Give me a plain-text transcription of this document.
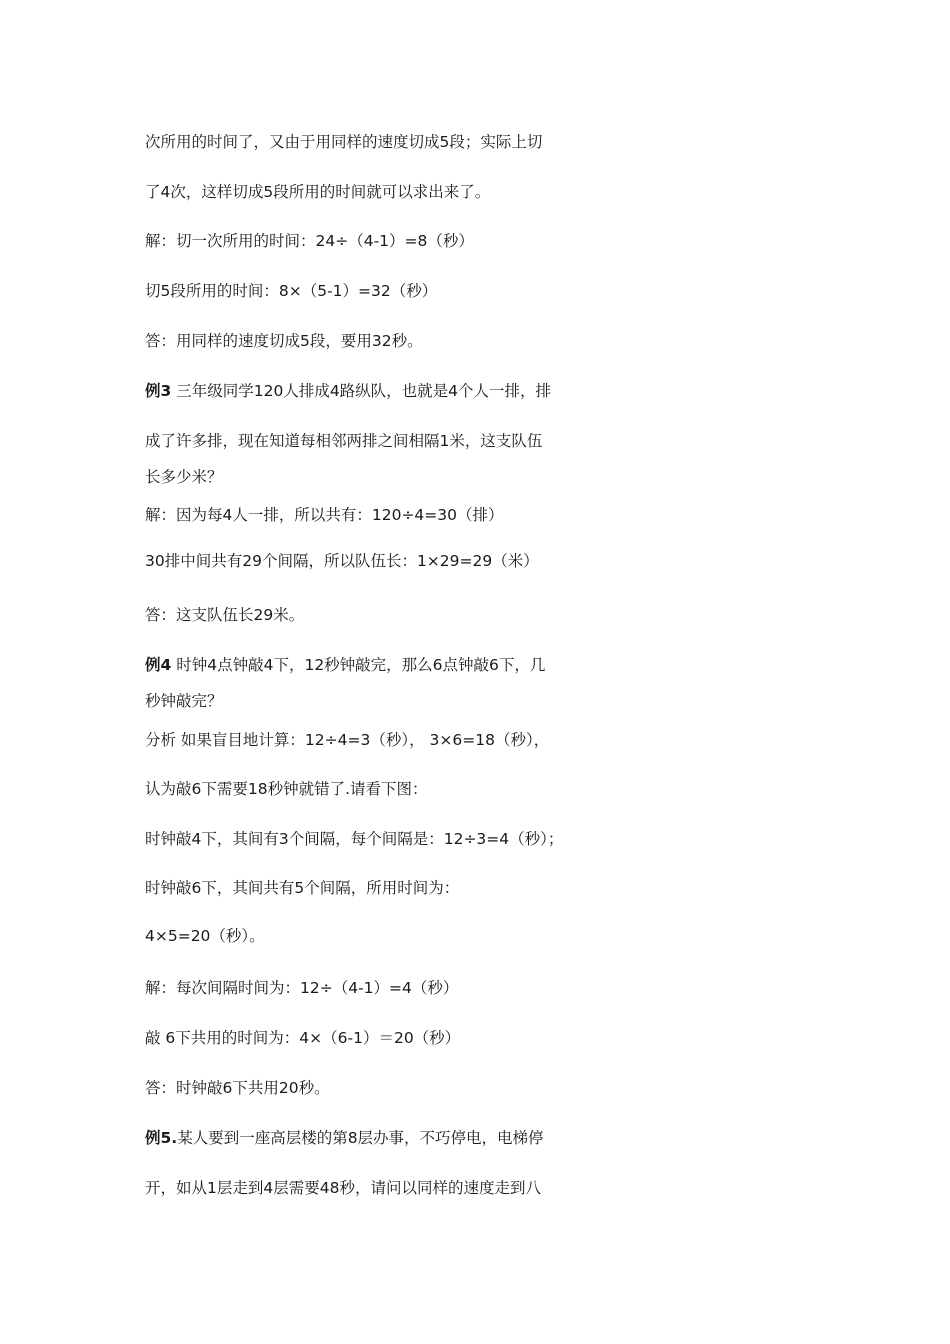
次所用的时间了，又由于用同样的速度切成5段；实际上切
了4次，这样切成5段所用的时间就可以求出来了。
解：切一次所用的时间：24÷（4-1）=8（秒）
切5段所用的时间：8×（5-1）=32（秒）
答：用同样的速度切成5段，要用32秒。
例3 三年级同学120人排成4路纵队，也就是4个人一排，排
成了许多排，现在知道每相邻两排之间相隔1米，这支队伍
长多少米？
解：因为每4人一排，所以共有：120÷4=30（排）
30排中间共有29个间隔，所以队伍长：1×29=29（米）
答：这支队伍长29米。
例4 时钟4点钟敲4下，12秒钟敲完，那么6点钟敲6下，几
秒钟敲完？
分析 如果盲目地计算：12÷4=3（秒）， 3×6=18（秒），
认为敲6下需要18秒钟就错了.请看下图：
时钟敲4下，其间有3个间隔，每个间隔是：12÷3=4（秒）；
时钟敲6下，其间共有5个间隔，所用时间为：
4×5=20（秒）。
解：每次间隔时间为：12÷（4-1）=4（秒）
敲 6下共用的时间为：4×（6-1）＝20（秒）
答：时钟敲6下共用20秒。
例5.某人要到一座高层楼的第8层办事，不巧停电，电梯停
开，如从1层走到4层需要48秒，请问以同样的速度走到八
